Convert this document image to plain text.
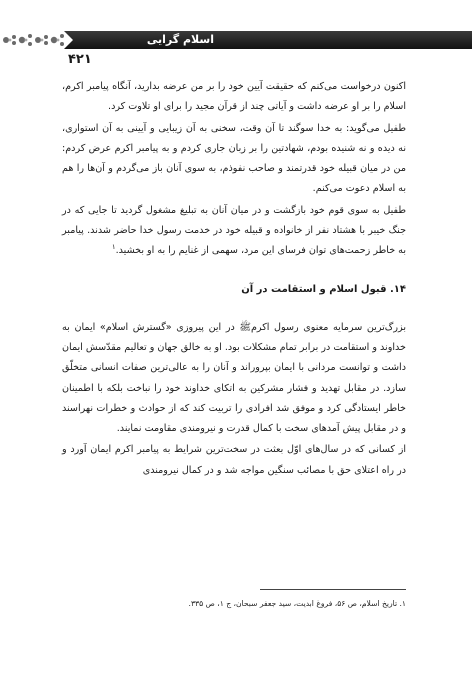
اسلام گرایی
۴۲۱

اکنون درخواست می‌کنم که حقیقت آیین خود را بر من عرضه بدارید، آنگاه پیامبر اکرم، اسلام را بر او عرضه داشت و آیاتی چند از قرآن مجید را برای او تلاوت کرد.

طفیل می‌گوید: به خدا سوگند تا آن وقت، سخنی به آن زیبایی و آیینی به آن استواری، نه دیده و نه شنیده بودم، شهادتین را بر زبان جاری کردم و به پیامبر اکرم عرض کردم: من در میان قبیله خود قدرتمند و صاحب نفوذم، به سوی آنان باز می‌گردم و آن‌ها را هم به اسلام دعوت می‌کنم.

طفیل به سوی قوم خود بازگشت و در میان آنان به تبلیغ مشغول گردید تا جایی که در جنگ خیبر با هشتاد نفر از خانواده و قبیله خود در خدمت رسول خدا حاضر شدند. پیامبر به خاطر زحمت‌های توان فرسای این مرد، سهمی از غنایم را به او بخشید.$^۱$

۱۴. قبول اسلام و استقامت در آن

بزرگ‌ترین سرمایه معنوی رسول اکرمﷺ در این پیروزی «گسترش اسلام» ایمان به خداوند و استقامت در برابر تمام مشکلات بود. او به خالق جهان و تعالیم مقدّسش ایمان داشت و توانست مردانی با ایمان بپروراند و آنان را به عالی‌ترین صفات انسانی متخلّق سازد. در مقابل تهدید و فشار مشرکین به اتکای خداوند خود را نباخت بلکه با اطمینان خاطر ایستادگی کرد و موفق شد افرادی را تربیت کند که از حوادث و خطرات نهراسند و در مقابل پیش آمدهای سخت با کمال قدرت و نیرومندی مقاومت نمایند.

از کسانی که در سال‌های اوّل بعثت در سخت‌ترین شرایط به پیامبر اکرم ایمان آورد و در راه اعتلای حق با مصائب سنگین مواجه شد و در کمال نیرومندی

۱. تاریخ اسلام، ص ۵۶، فروغ ابدیت، سید جعفر سبحان، ج ۱، ص ۳۳۵.
